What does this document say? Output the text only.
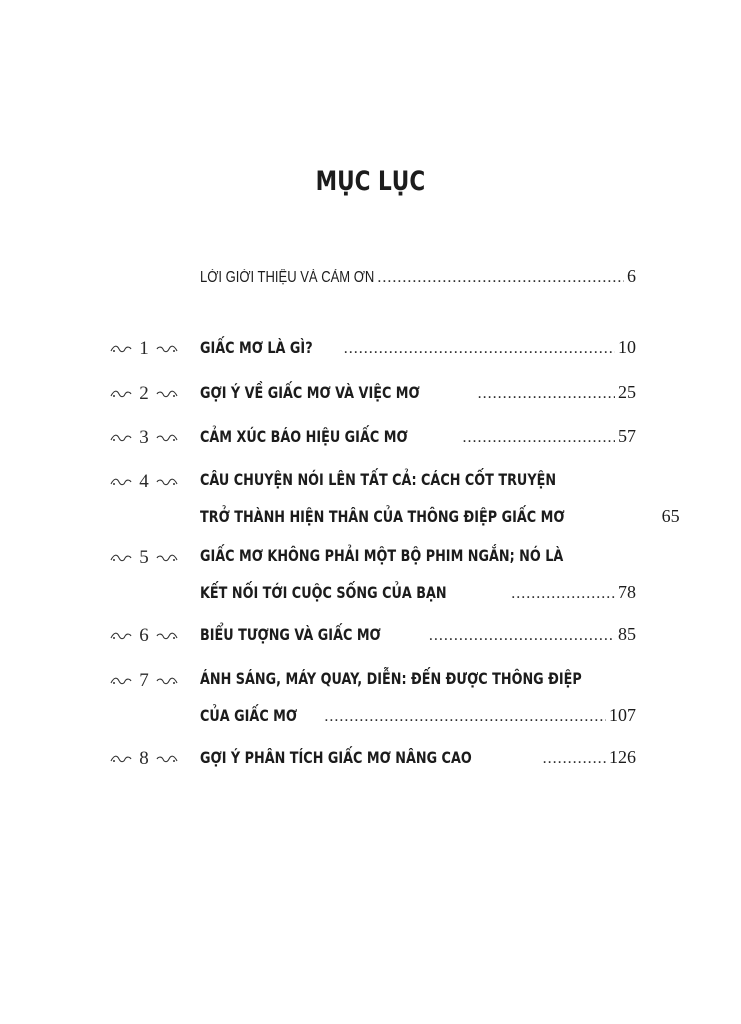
MỤC LỤC
LỜI GIỚI THIỆU VÀ CẢM ƠN .....	6
1	GIẤC MƠ LÀ GÌ? .....	10
2	GỢI Ý VỀ GIẤC MƠ VÀ VIỆC MƠ .....	25
3	CẢM XÚC BÁO HIỆU GIẤC MƠ .....	57
4	CÂU CHUYỆN NÓI LÊN TẤT CẢ: CÁCH CỐT TRUYỆN
TRỞ THÀNH HIỆN THÂN CỦA THÔNG ĐIỆP GIẤC MƠ	65
5	GIẤC MƠ KHÔNG PHẢI MỘT BỘ PHIM NGẮN; NÓ LÀ
KẾT NỐI TỚI CUỘC SỐNG CỦA BẠN .....	78
6	BIỂU TƯỢNG VÀ GIẤC MƠ .....	85
7	ÁNH SÁNG, MÁY QUAY, DIỄN: ĐẾN ĐƯỢC THÔNG ĐIỆP
CỦA GIẤC MƠ .....	107
8	GỢI Ý PHÂN TÍCH GIẤC MƠ NÂNG CAO .....	126
